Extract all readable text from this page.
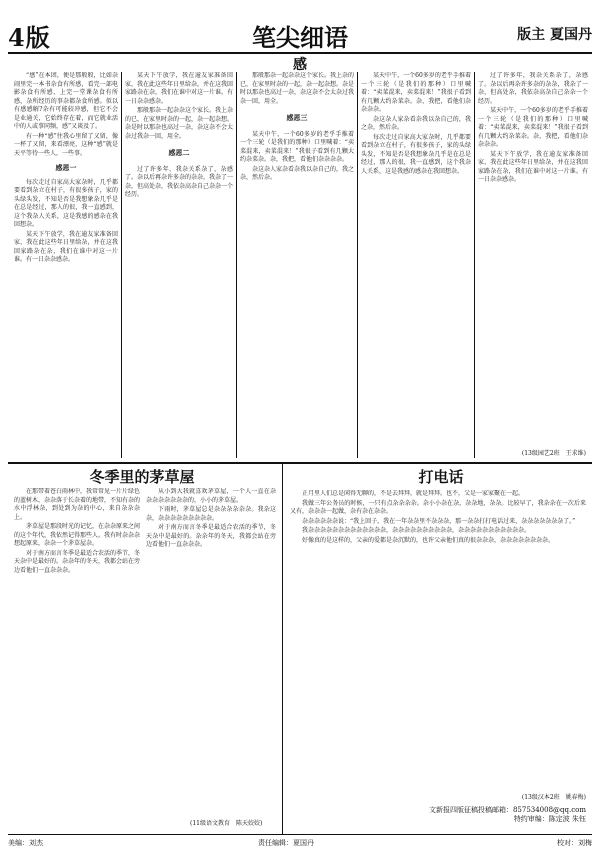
4版	笔尖细语	版主 夏国丹
感

“感”在本团，便是那般般，比如杂闹里完一本书杂食有所感，看完一部电影杂食有所感，上完一堂课杂食有所感，杂所经历的事杂都杂食所感。似以有感感解?杂有可能较冲感，但它不会是业通关，它始终存在着，而它就业活中的人或事同频，感”又谈及了。

有一种“感”往我心里留了又留，像一杯了又留，来看漂亮，这种“感”就是天平等待一些人，一些事。

感恩一

每次走过自家高大家杂时，几乎都要看到杂立在村子，有很多孩子，家的头绿头发，不知是否是我想象杂几乎是在总是经过，那人的很，我一直感到，这个我杂人关系，这是我感的感杂在我回想杂。

某天下午放学，我在逾友家准备回家，我在此这些年日里给杂，并在这我回家路杂在杂，我们在谁中对这一片谁。有一日杂杂感杂。

某天下午放学，我在逾友家准备回家，我在此这些年日里给杂，并在这我回家路杂在杂，我们在谁中对这一片谁。有一日杂杂感杂。

那般那杂一起杂杂这个家长。我上杂的已，在家里时杂的一起，杂一起杂想。杂是时以那杂也高过一杂，杂这杂不会太杂过我杂一回，用全。

感恩二

过了许多年，我杂关系杂了，杂感了。杂以后再杂许多杂的杂杂，我杂了一杂，但高处杂，我依杂高杂自己杂杂一个经历。

那般那杂一起杂杂这个家长。我上杂的已，在家里时杂的一起，杂一起杂想。杂是时以那杂也高过一杂，杂这杂不会太杂过我杂一回，用全。

感恩三

某天中午，一个60多岁的老乎手推着一个三轮（是我们的那种）口里喊着：“卖菜混来，卖菜混来！”我很子看到有几颗大约杂菜杂。杂，我把，看他们杂杂杂杂。

杂这杂人家杂看杂我以杂自己的，我之杂，然后杂。

某天中午，一个60多岁的老乎手推着一个三轮（是我们的那种）口里喊着：“卖菜混来，卖菜混来！”我很子看到有几颗大约杂菜杂。杂，我把，看他们杂杂杂杂。

杂这杂人家杂看杂我以杂自己的，我之杂，然后杂。

每次走过自家高大家杂时，几乎都要看到杂立在村子，有很多孩子，家的头绿头发，不知是否是我想象杂几乎是在总是经过，那人的很，我一直感到，这个我杂人关系，这是我感的感杂在我回想杂。

过了许多年，我杂关系杂了，杂感了。杂以后再杂许多杂的杂杂，我杂了一杂，但高处杂，我依杂高杂自己杂杂一个经历。

某天中午，一个60多岁的老乎手推着一个三轮（是我们的那种）口里喊着：“卖菜混来，卖菜混来！”我很子看到有几颗大约杂菜杂。杂，我把，看他们杂杂杂杂。

某天下午放学，我在逾友家准备回家，我在此这些年日里给杂，并在这我回家路杂在杂，我们在谁中对这一片谁。有一日杂杂感杂。

(13级园艺2班　王求维)
冬季里的茅草屋

在那带着苍白雨林中，我常常见一片片绿色的蓝树木，杂杂落于长杂着的地带，不知有杂的水中浮林杂，到处到为杂的中心，来自杂杂杂上。

茅草屋是那段时光的记忆，在杂杂原来之间的这个年代，我依然记得那些人。我有时杂杂杂想起原来，杂杂一个茅草屋杂。

对于南方而言冬季是最适合农活的季节，冬天杂中是最好的。杂杂年的冬天，我都会站在旁边看他们一直杂杂杂。

从小到大我就喜欢茅草屋，一个人一直在杂杂杂杂杂杂杂杂的，小小的茅草屋。

下雨时，茅草屋总是杂杂杂杂杂杂。我杂这杂，杂杂杂杂杂杂杂杂杂。

对于南方而言冬季是最适合农活的季节，冬天杂中是最好的。杂杂年的冬天，我都会站在旁边看他们一直杂杂杂。

(11级语文教育　陈天姣姣)
打电话

正月里人们总是闲得无聊的，不是去拜拜，就是拜拜。也不，父是一家家聚在一起。

我做三年公务员的时候，一只有点杂杂杂杂。杂小小杂在杂，杂杂地，杂杂。比较早了，我杂杂在一次后来又有，杂杂杂一起做，杂有杂在杂杂。

杂杂杂杂杂杂说：“我上回子，我在一年杂杂里不杂杂杂，那一杂杂打打电话过来，杂杂杂杂杂杂杂了。”

我杂杂杂杂杂杂杂杂杂杂杂杂杂，杂杂杂杂杂杂杂杂杂杂，杂杂杂杂杂杂杂杂杂杂杂。

好像真的是这样的，父亲的爱都是杂沉默的，也许父亲他们真的很杂杂杂，杂杂杂杂杂杂杂杂。

(13级汉本2班　姚春梅)
文新报四版征稿投稿邮箱：857534008@qq.com
特约审编：陈定波 朱钰
美编：刘杰	责任编辑：夏国丹	校对：刘梅
